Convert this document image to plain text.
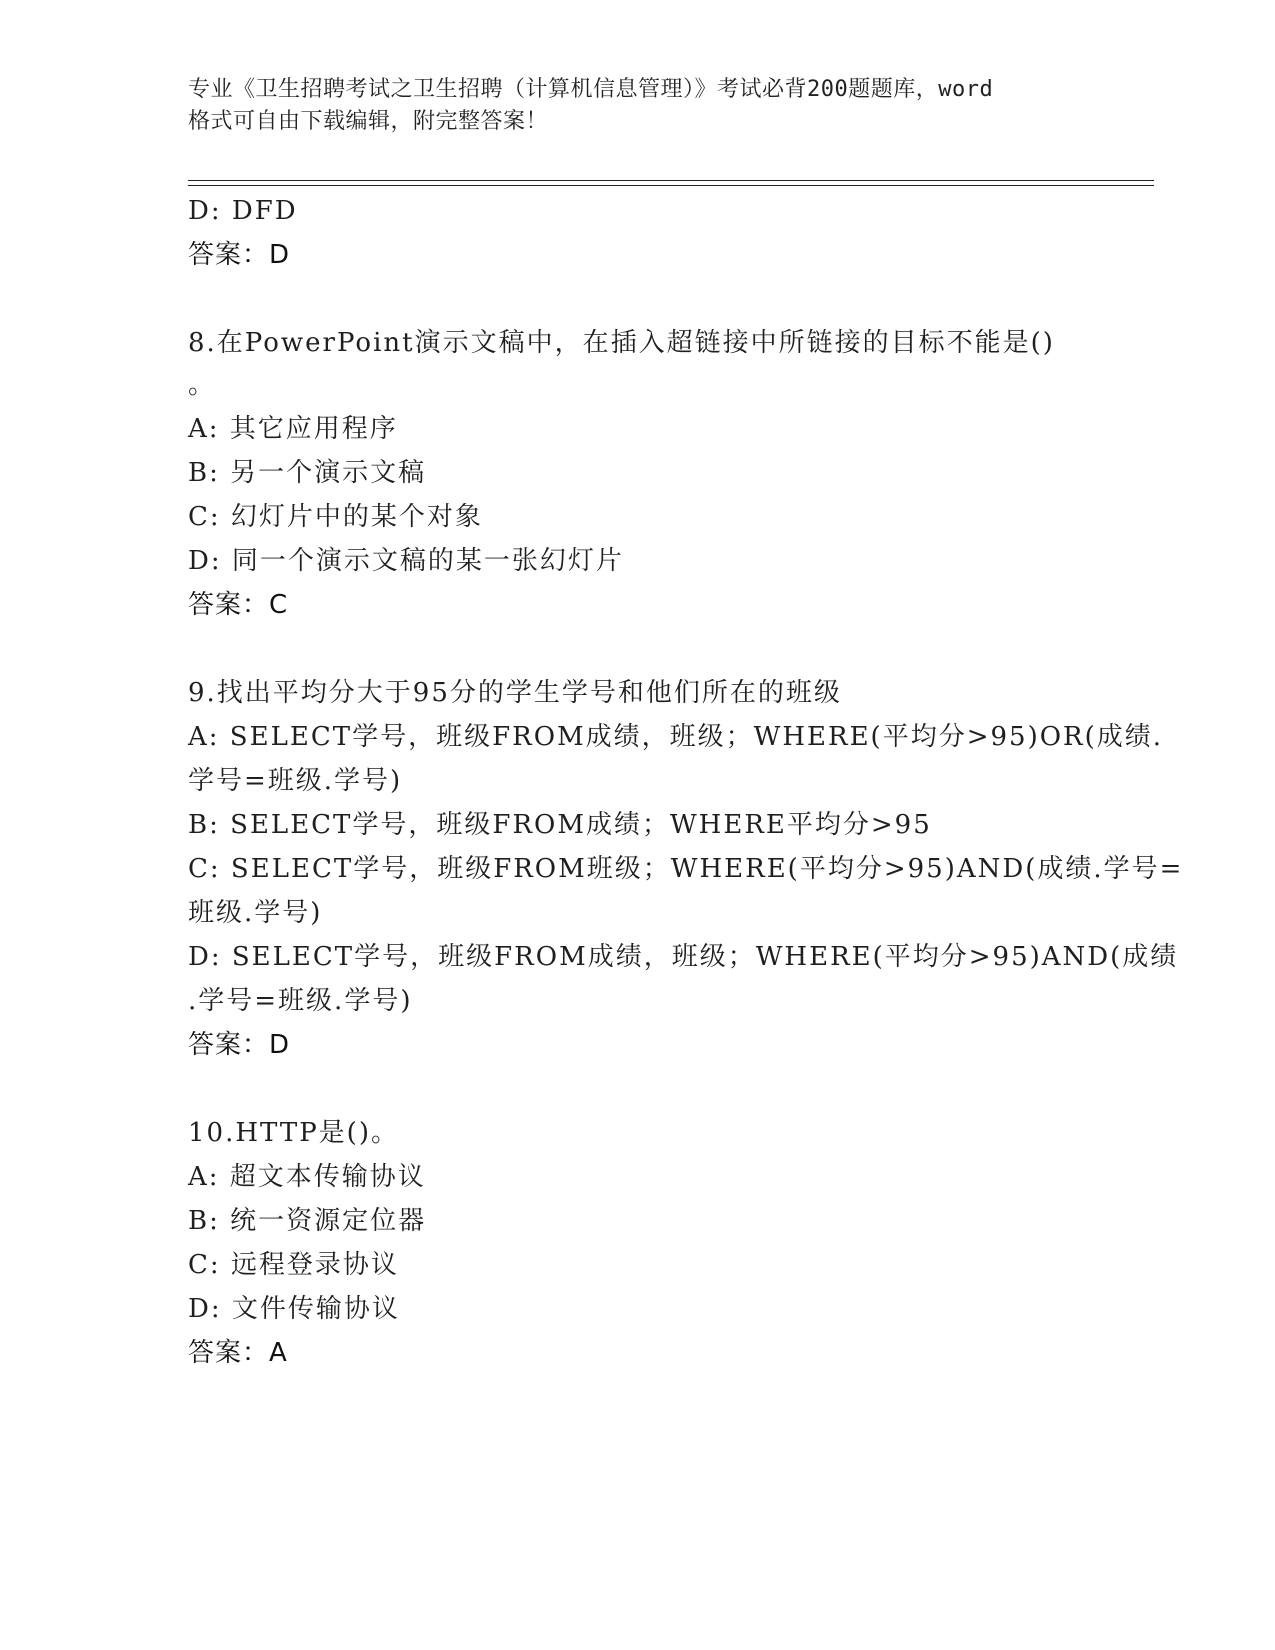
专业《卫生招聘考试之卫生招聘（计算机信息管理）》考试必背200题题库，word
格式可自由下载编辑，附完整答案！
D: DFD
答案：D
8.在PowerPoint演示文稿中，在插入超链接中所链接的目标不能是()
。
A: 其它应用程序
B: 另一个演示文稿
C: 幻灯片中的某个对象
D: 同一个演示文稿的某一张幻灯片
答案：C
9.找出平均分大于95分的学生学号和他们所在的班级
A: SELECT学号，班级FROM成绩，班级；WHERE(平均分>95)OR(成绩.
学号=班级.学号)
B: SELECT学号，班级FROM成绩；WHERE平均分>95
C: SELECT学号，班级FROM班级；WHERE(平均分>95)AND(成绩.学号=
班级.学号)
D: SELECT学号，班级FROM成绩，班级；WHERE(平均分>95)AND(成绩
.学号=班级.学号)
答案：D
10.HTTP是()。
A: 超文本传输协议
B: 统一资源定位器
C: 远程登录协议
D: 文件传输协议
答案：A
